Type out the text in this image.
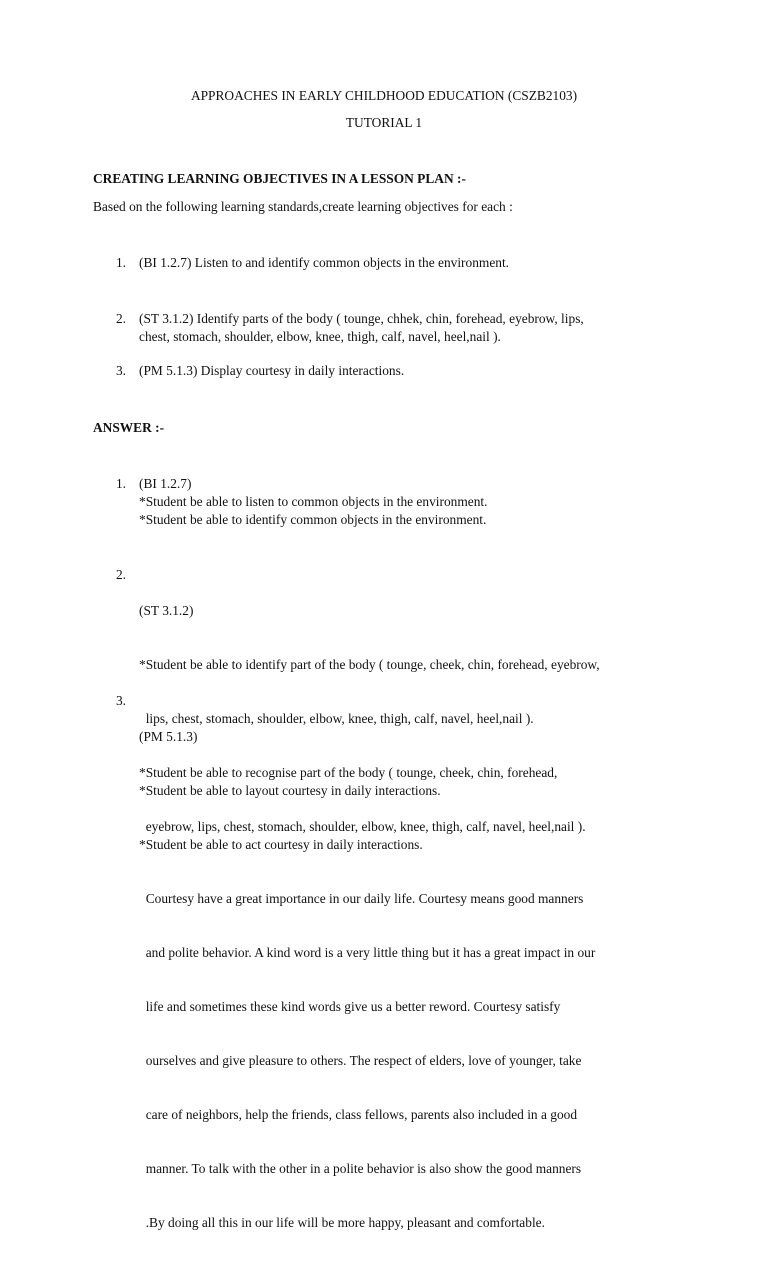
APPROACHES IN EARLY CHILDHOOD EDUCATION (CSZB2103)
TUTORIAL 1
CREATING LEARNING OBJECTIVES IN A LESSON PLAN :-
Based on the following learning standards,create learning objectives for each :
1. (BI 1.2.7) Listen to and identify common objects in the environment.
2. (ST 3.1.2) Identify parts of the body ( tounge, chhek, chin, forehead, eyebrow, lips,
chest, stomach, shoulder, elbow, knee, thigh, calf, navel, heel,nail ).
3. (PM 5.1.3) Display courtesy in daily interactions.
ANSWER :-
1. (BI 1.2.7)
*Student be able to listen to common objects in the environment.
*Student be able to identify common objects in the environment.
2.

(ST 3.1.2)

*Student be able to identify part of the body ( tounge, cheek, chin, forehead, eyebrow,

lips, chest, stomach, shoulder, elbow, knee, thigh, calf, navel, heel,nail ).

*Student be able to recognise part of the body ( tounge, cheek, chin, forehead,

eyebrow, lips, chest, stomach, shoulder, elbow, knee, thigh, calf, navel, heel,nail ).

3.

(PM 5.1.3)

*Student be able to layout courtesy in daily interactions.

*Student be able to act courtesy in daily interactions.

Courtesy have a great importance in our daily life. Courtesy means good manners

and polite behavior. A kind word is a very little thing but it has a great impact in our

life and sometimes these kind words give us a better reword. Courtesy satisfy

ourselves and give pleasure to others. The respect of elders, love of younger, take

care of neighbors, help the friends, class fellows, parents also included in a good

manner. To talk with the other in a polite behavior is also show the good manners

.By doing all this in our life will be more happy, pleasant and comfortable.
